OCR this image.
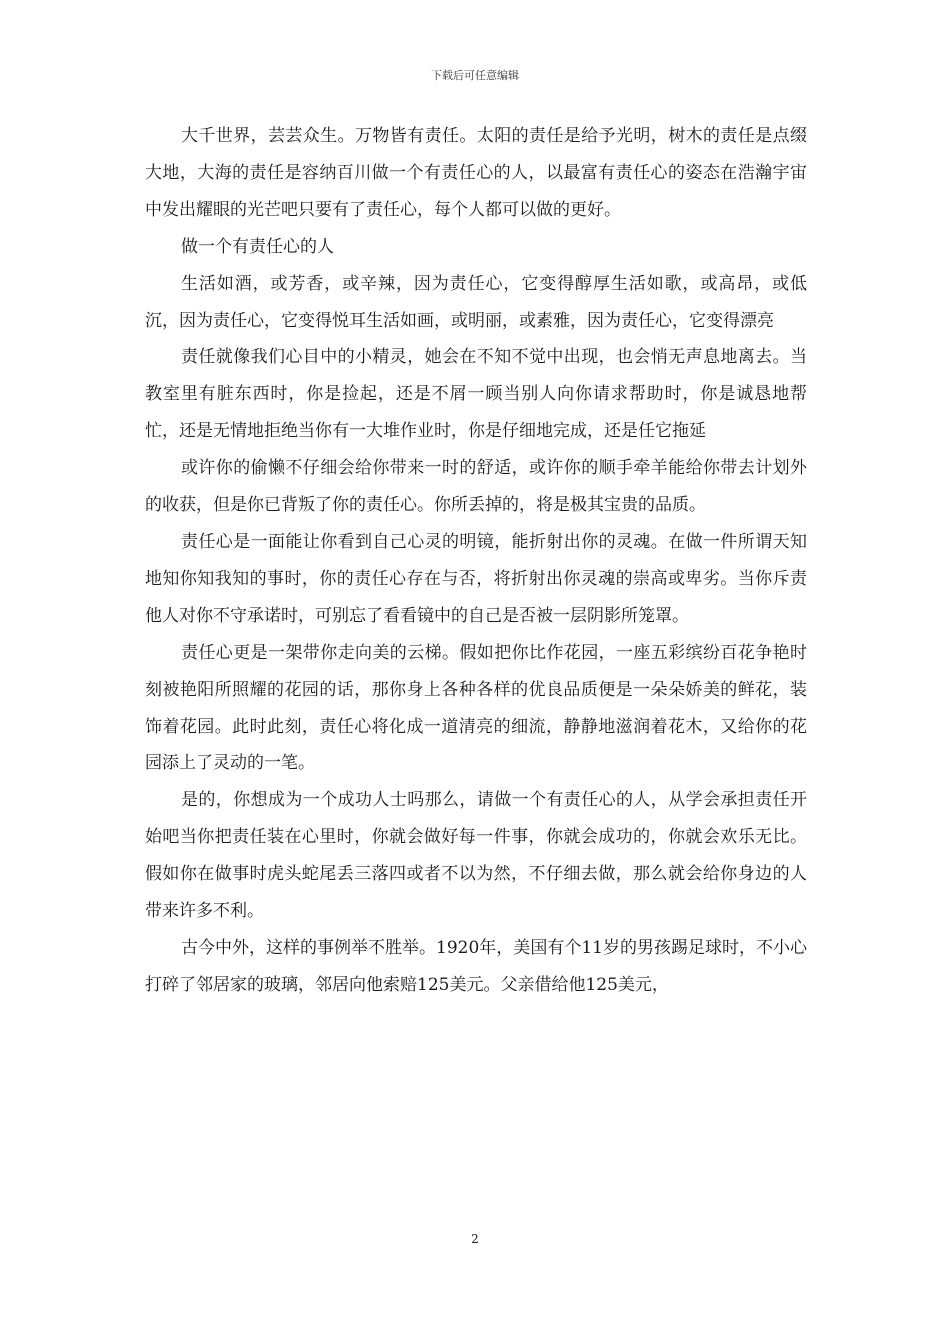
下载后可任意编辑

大千世界，芸芸众生。万物皆有责任。太阳的责任是给予光明，树木的责任是点缀大地，大海的责任是容纳百川做一个有责任心的人，以最富有责任心的姿态在浩瀚宇宙中发出耀眼的光芒吧只要有了责任心，每个人都可以做的更好。

做一个有责任心的人

生活如酒，或芳香，或辛辣，因为责任心，它变得醇厚生活如歌，或高昂，或低沉，因为责任心，它变得悦耳生活如画，或明丽，或素雅，因为责任心，它变得漂亮

责任就像我们心目中的小精灵，她会在不知不觉中出现，也会悄无声息地离去。当教室里有脏东西时，你是捡起，还是不屑一顾当别人向你请求帮助时，你是诚恳地帮忙，还是无情地拒绝当你有一大堆作业时，你是仔细地完成，还是任它拖延

或许你的偷懒不仔细会给你带来一时的舒适，或许你的顺手牵羊能给你带去计划外的收获，但是你已背叛了你的责任心。你所丢掉的，将是极其宝贵的品质。

责任心是一面能让你看到自己心灵的明镜，能折射出你的灵魂。在做一件所谓天知地知你知我知的事时，你的责任心存在与否，将折射出你灵魂的崇高或卑劣。当你斥责他人对你不守承诺时，可别忘了看看镜中的自己是否被一层阴影所笼罩。

责任心更是一架带你走向美的云梯。假如把你比作花园，一座五彩缤纷百花争艳时刻被艳阳所照耀的花园的话，那你身上各种各样的优良品质便是一朵朵娇美的鲜花，装饰着花园。此时此刻，责任心将化成一道清亮的细流，静静地滋润着花木，又给你的花园添上了灵动的一笔。

是的，你想成为一个成功人士吗那么，请做一个有责任心的人，从学会承担责任开始吧当你把责任装在心里时，你就会做好每一件事，你就会成功的，你就会欢乐无比。假如你在做事时虎头蛇尾丢三落四或者不以为然，不仔细去做，那么就会给你身边的人带来许多不利。

古今中外，这样的事例举不胜举。1920年，美国有个11岁的男孩踢足球时，不小心打碎了邻居家的玻璃，邻居向他索赔125美元。父亲借给他125美元，

2
